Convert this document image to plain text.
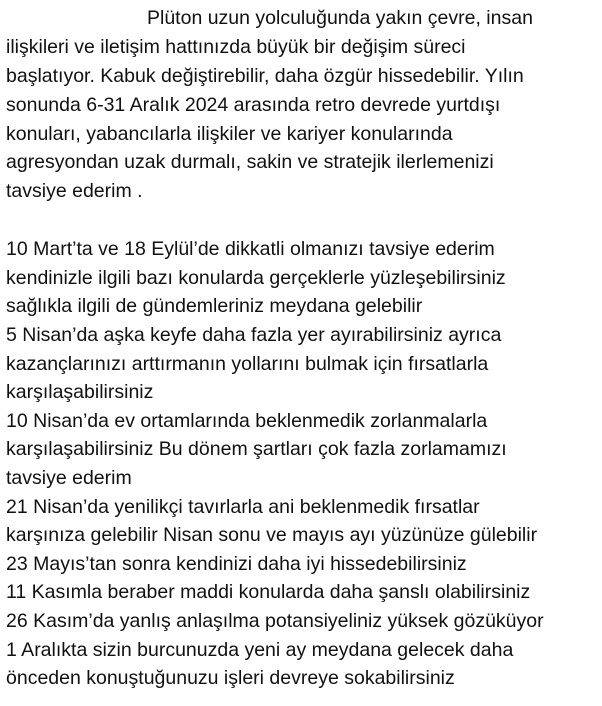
Plüton uzun yolculuğunda yakın çevre, insan
ilişkileri ve iletişim hattınızda büyük bir değişim süreci
başlatıyor. Kabuk değiştirebilir, daha özgür hissedebilir. Yılın
sonunda 6-31 Aralık 2024 arasında retro devrede yurtdışı
konuları, yabancılarla ilişkiler ve kariyer konularında
agresyondan uzak durmalı, sakin ve stratejik ilerlemenizi
tavsiye ederim .
10 Mart’ta ve 18 Eylül’de dikkatli olmanızı tavsiye ederim
kendinizle ilgili bazı konularda gerçeklerle yüzleşebilirsiniz
sağlıkla ilgili de gündemleriniz meydana gelebilir
5 Nisan’da aşka keyfe daha fazla yer ayırabilirsiniz ayrıca
kazançlarınızı arttırmanın yollarını bulmak için fırsatlarla
karşılaşabilirsiniz
10 Nisan’da ev ortamlarında beklenmedik zorlanmalarla
karşılaşabilirsiniz Bu dönem şartları çok fazla zorlamamızı
tavsiye ederim
21 Nisan’da yenilikçi tavırlarla ani beklenmedik fırsatlar
karşınıza gelebilir Nisan sonu ve mayıs ayı yüzünüze gülebilir
23 Mayıs’tan sonra kendinizi daha iyi hissedebilirsiniz
11 Kasımla beraber maddi konularda daha şanslı olabilirsiniz
26 Kasım’da yanlış anlaşılma potansiyeliniz yüksek gözüküyor
1 Aralıkta sizin burcunuzda yeni ay meydana gelecek daha
önceden konuştuğunuzu işleri devreye sokabilirsiniz
